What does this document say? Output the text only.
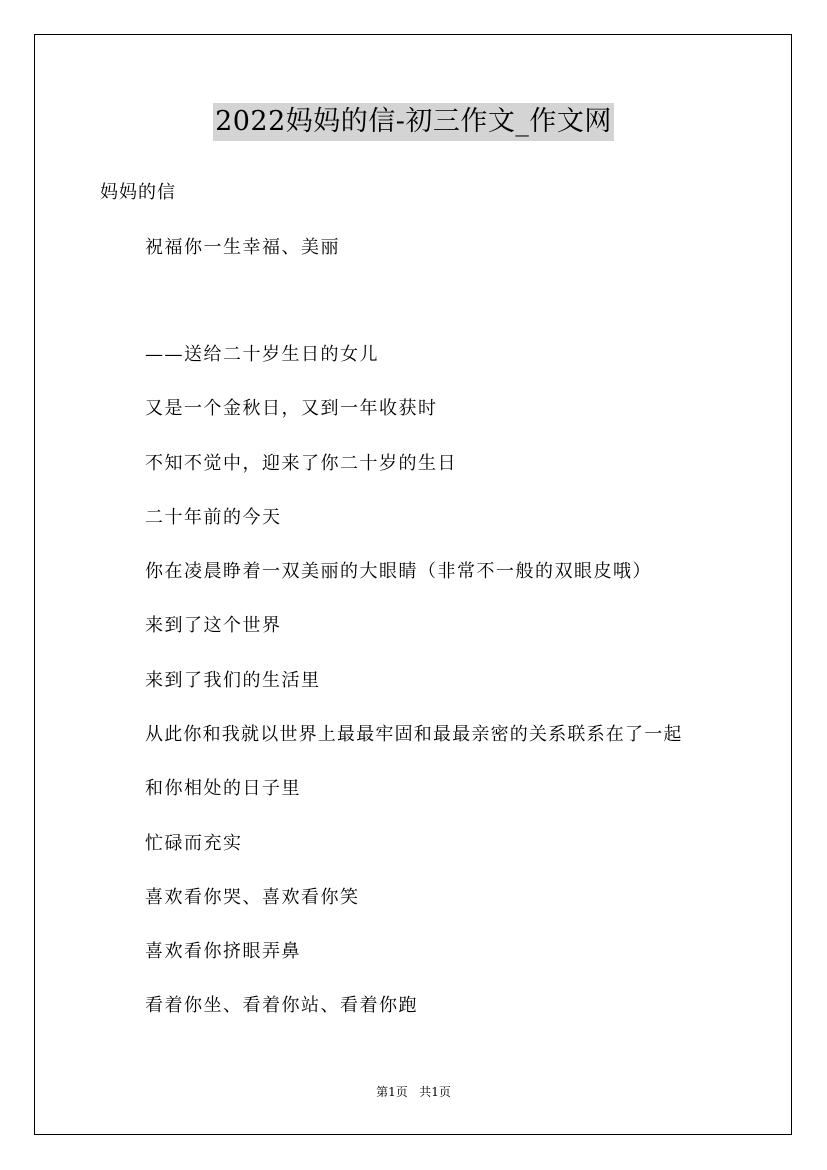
2022妈妈的信-初三作文_作文网
妈妈的信
祝福你一生幸福、美丽
——送给二十岁生日的女儿
又是一个金秋日，又到一年收获时
不知不觉中，迎来了你二十岁的生日
二十年前的今天
你在凌晨睁着一双美丽的大眼睛（非常不一般的双眼皮哦）
来到了这个世界
来到了我们的生活里
从此你和我就以世界上最最牢固和最最亲密的关系联系在了一起
和你相处的日子里
忙碌而充实
喜欢看你哭、喜欢看你笑
喜欢看你挤眼弄鼻
看着你坐、看着你站、看着你跑
第1页 共1页
